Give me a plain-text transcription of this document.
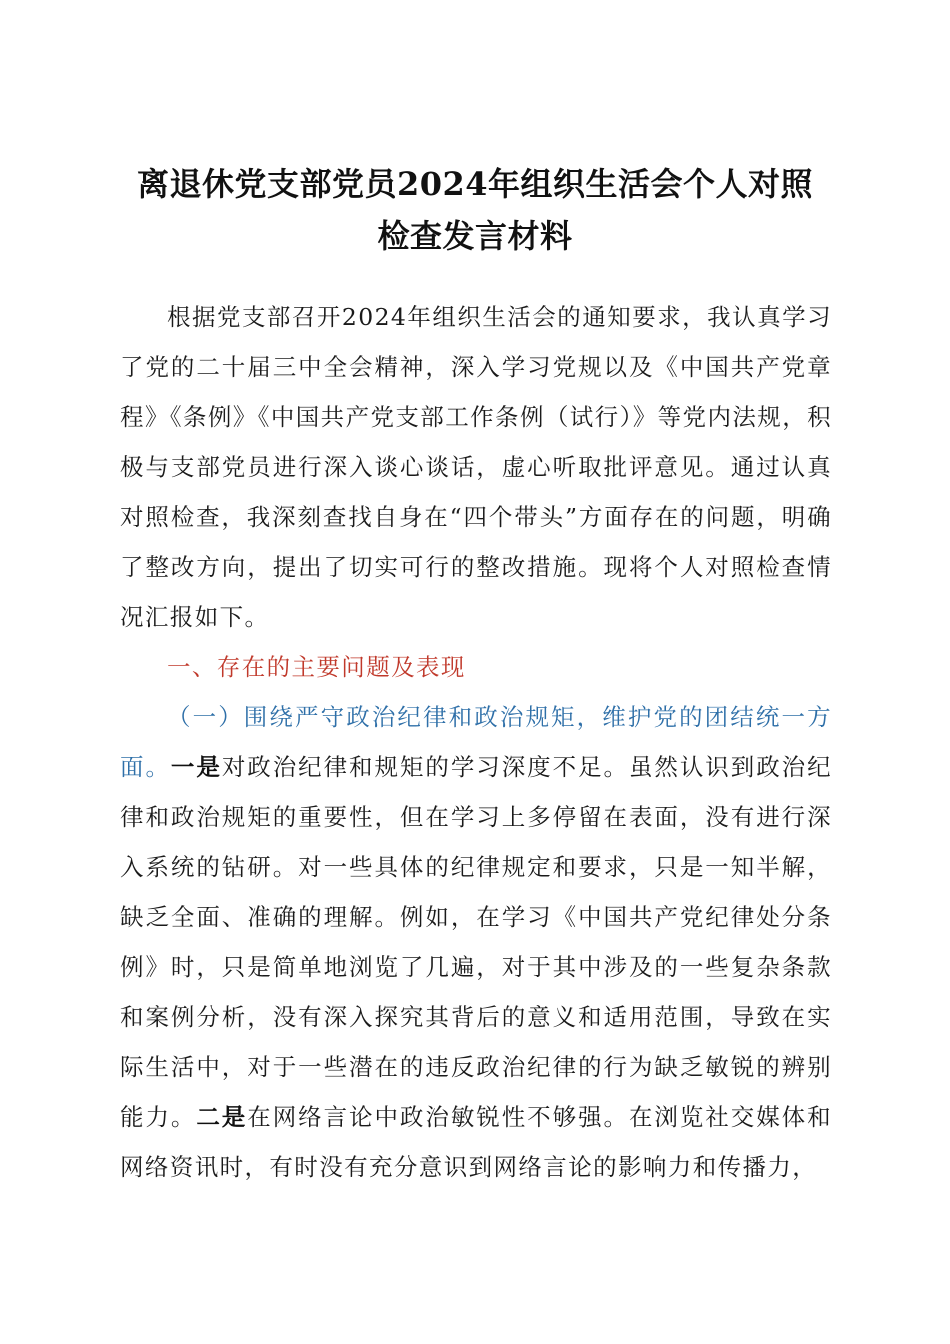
离退休党支部党员2024年组织生活会个人对照
检查发言材料

根据党支部召开2024年组织生活会的通知要求，我认真学习了党的二十届三中全会精神，深入学习党规以及《中国共产党章程》《条例》《中国共产党支部工作条例（试行）》等党内法规，积极与支部党员进行深入谈心谈话，虚心听取批评意见。通过认真对照检查，我深刻查找自身在“四个带头”方面存在的问题，明确了整改方向，提出了切实可行的整改措施。现将个人对照检查情况汇报如下。

一、存在的主要问题及表现

（一）围绕严守政治纪律和政治规矩，维护党的团结统一方面。一是对政治纪律和规矩的学习深度不足。虽然认识到政治纪律和政治规矩的重要性，但在学习上多停留在表面，没有进行深入系统的钻研。对一些具体的纪律规定和要求，只是一知半解，缺乏全面、准确的理解。例如，在学习《中国共产党纪律处分条例》时，只是简单地浏览了几遍，对于其中涉及的一些复杂条款和案例分析，没有深入探究其背后的意义和适用范围，导致在实际生活中，对于一些潜在的违反政治纪律的行为缺乏敏锐的辨别能力。二是在网络言论中政治敏锐性不够强。在浏览社交媒体和网络资讯时，有时没有充分意识到网络言论的影响力和传播力，
